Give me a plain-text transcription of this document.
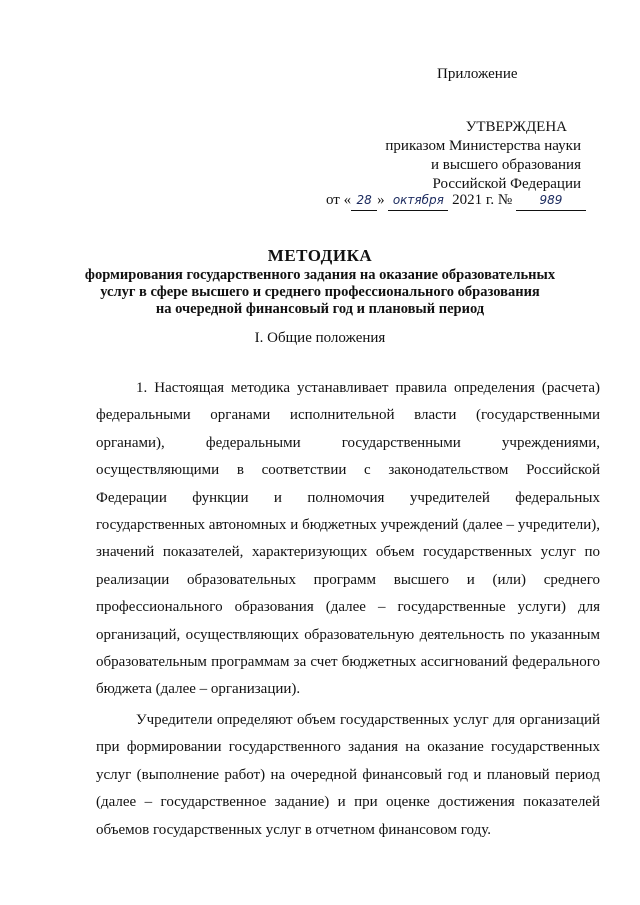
Приложение
УТВЕРЖДЕНА
приказом Министерства науки
и высшего образования
Российской Федерации
от « 28 » октября 2021 г. № 989
МЕТОДИКА
формирования государственного задания на оказание образовательных
услуг в сфере высшего и среднего профессионального образования
на очередной финансовый год и плановый период
I. Общие положения

1. Настоящая методика устанавливает правила определения (расчета) федеральными органами исполнительной власти (государственными органами), федеральными государственными учреждениями, осуществляющими в соответствии с законодательством Российской Федерации функции и полномочия учредителей федеральных государственных автономных и бюджетных учреждений (далее – учредители), значений показателей, характеризующих объем государственных услуг по реализации образовательных программ высшего и (или) среднего профессионального образования (далее – государственные услуги) для организаций, осуществляющих образовательную деятельность по указанным образовательным программам за счет бюджетных ассигнований федерального бюджета (далее – организации).

Учредители определяют объем государственных услуг для организаций при формировании государственного задания на оказание государственных услуг (выполнение работ) на очередной финансовый год и плановый период (далее – государственное задание) и при оценке достижения показателей объемов государственных услуг в отчетном финансовом году.
